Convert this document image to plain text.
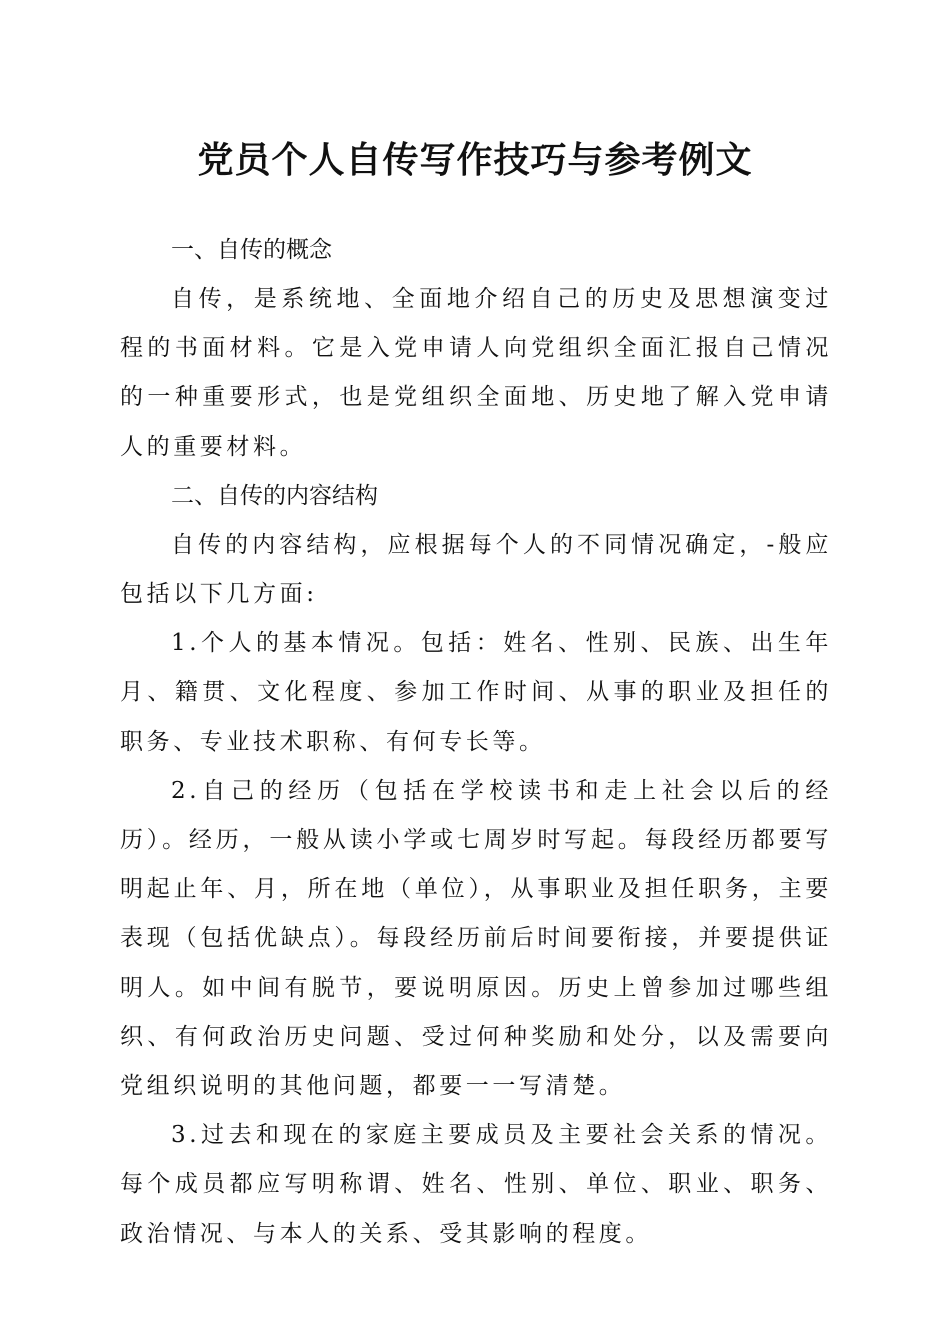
党员个人自传写作技巧与参考例文
一、自传的概念

自传，是系统地、全面地介绍自己的历史及思想演变过程的书面材料。它是入党申请人向党组织全面汇报自己情况的一种重要形式，也是党组织全面地、历史地了解入党申请人的重要材料。

二、自传的内容结构

自传的内容结构，应根据每个人的不同情况确定，-般应包括以下几方面:

1.个人的基本情况。包括：姓名、性别、民族、出生年月、籍贯、文化程度、参加工作时间、从事的职业及担任的职务、专业技术职称、有何专长等。

2.自己的经历（包括在学校读书和走上社会以后的经历）。经历，一般从读小学或七周岁时写起。每段经历都要写明起止年、月，所在地（单位），从事职业及担任职务，主要表现（包括优缺点）。每段经历前后时间要衔接，并要提供证明人。如中间有脱节，要说明原因。历史上曾参加过哪些组织、有何政治历史问题、受过何种奖励和处分，以及需要向党组织说明的其他问题，都要一一写清楚。

3.过去和现在的家庭主要成员及主要社会关系的情况。每个成员都应写明称谓、姓名、性别、单位、职业、职务、政治情况、与本人的关系、受其影响的程度。
